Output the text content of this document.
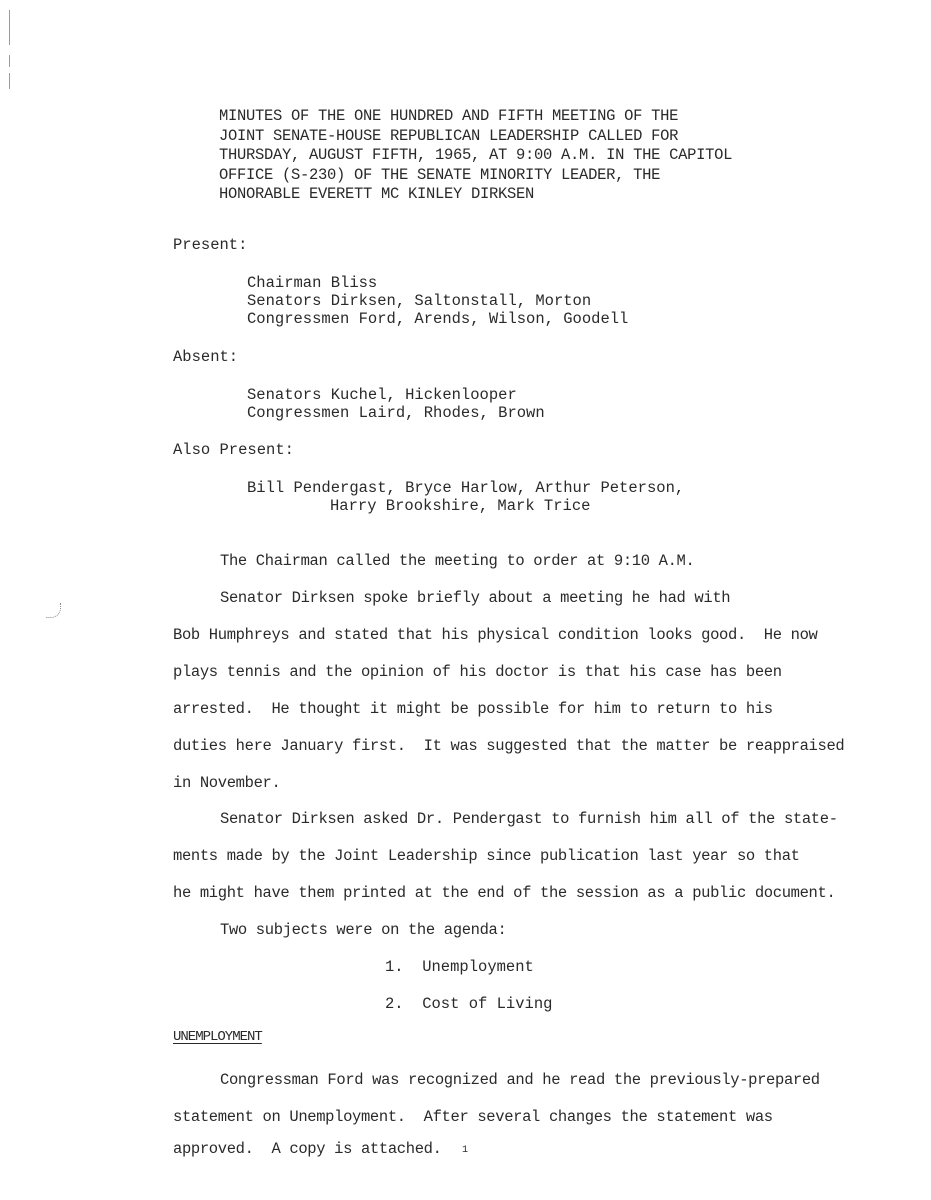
MINUTES OF THE ONE HUNDRED AND FIFTH MEETING OF THE
JOINT SENATE-HOUSE REPUBLICAN LEADERSHIP CALLED FOR
THURSDAY, AUGUST FIFTH, 1965, AT 9:00 A.M. IN THE CAPITOL
OFFICE (S-230) OF THE SENATE MINORITY LEADER, THE
HONORABLE EVERETT MC KINLEY DIRKSEN
Present:
Chairman Bliss
Senators Dirksen, Saltonstall, Morton
Congressmen Ford, Arends, Wilson, Goodell
Absent:
Senators Kuchel, Hickenlooper
Congressmen Laird, Rhodes, Brown
Also Present:
Bill Pendergast, Bryce Harlow, Arthur Peterson,
Harry Brookshire, Mark Trice
The Chairman called the meeting to order at 9:10 A.M.
Senator Dirksen spoke briefly about a meeting he had with
Bob Humphreys and stated that his physical condition looks good.  He now
plays tennis and the opinion of his doctor is that his case has been
arrested.  He thought it might be possible for him to return to his
duties here January first.  It was suggested that the matter be reappraised
in November.
Senator Dirksen asked Dr. Pendergast to furnish him all of the state-
ments made by the Joint Leadership since publication last year so that
he might have them printed at the end of the session as a public document.
Two subjects were on the agenda:
1.  Unemployment
2.  Cost of Living
UNEMPLOYMENT
Congressman Ford was recognized and he read the previously-prepared
statement on Unemployment.  After several changes the statement was
approved.  A copy is attached. 1
